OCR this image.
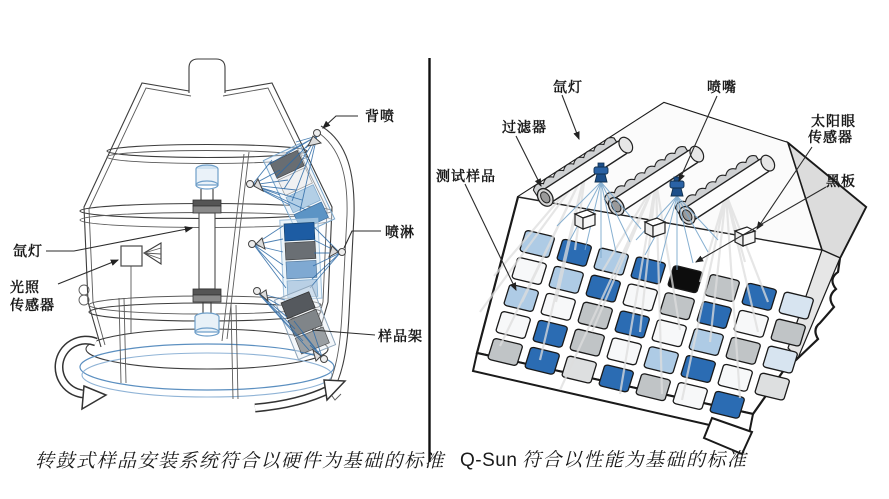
背喷
喷淋
氙灯
光照
传感器
样品架
转鼓式样品安装系统符合以硬件为基础的标准
氙灯	喷嘴
过滤器	太阳眼
传感器
测试样品	黑板
Q-Sun 符合以性能为基础的标准
